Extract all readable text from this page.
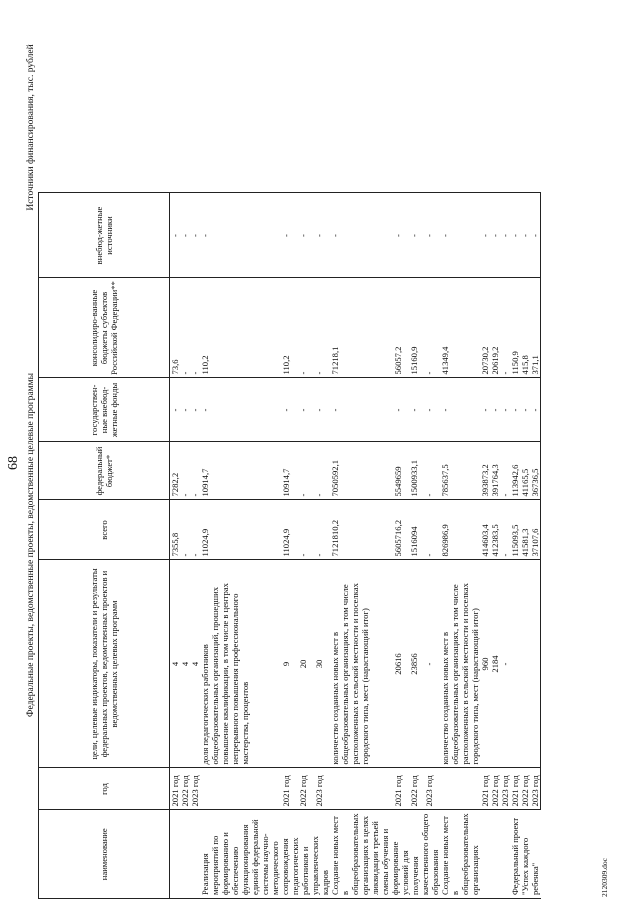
68 Федеральные проекты, ведомственные проекты, ведомственные целевые программы
Источники финансирования, тыс. рублей
наименование	год	цели, целевые индикаторы, показатели и результаты федеральных проектов, ведомственных проектов и ведомственных целевых программ	всего	федеральный бюджет*	государствен-ные внебюд-жетные фонды	консолидиро-ванные бюджеты субъектов Российской Федерации**	внебюд-жетные источники
	2021 год	4	7355,8	7282,2	-	73,6	-
	2022 год	4	-	-	-	-	-
	2023 год	4	-	-	-	-	-
Реализация мероприятий по формированию и обеспечению функционирования единой федеральной системы научно-методического сопровождения педагогических работников и управленческих кадров		доля педагогических работников общеобразовательных организаций, прошедших повышение квалификации, в том числе в центрах непрерывного повышения профессионального мастерства, процентов	11024,9	10914,7	-	110,2	-
	2021 год	9	11024,9	10914,7	-	110,2	-
	2022 год	20	-	-	-	-	-
	2023 год	30	-	-	-	-	-
Создание новых мест в общеобразовательных организациях в целях ликвидации третьей смены обучения и формирование условий для получения качественного общего образования		количество созданных новых мест в общеобразовательных организациях, в том числе расположенных в сельской местности и поселках городского типа, мест (нарастающий итог)	7121810,2	7050592,1	-	71218,1	-
	2021 год	20616	5605716,2	5549659	-	56057,2	-
	2022 год	23856	1516094	1500933,1	-	15160,9	-
	2023 год	-	-	-	-	-	-
Создание новых мест в общеобразовательных организациях		количество созданных новых мест в общеобразовательных организациях, в том числе расположенных в сельской местности и поселках городского типа, мест (нарастающий итог)	826986,9	785637,5	-	41349,4	-
	2021 год	960	414603,4	393873,2	-	20730,2	-
	2022 год	2184	412383,5	391764,3	-	20619,2	-
	2023 год	-	-	-	-	-	-
Федеральный проект "Успех каждого ребенка"	2021 год		115093,5	113942,6	-	1150,9	-
	2022 год		41581,3	41165,5	-	415,8	-
	2023 год		37107,6	36736,5	-	371,1	-
2120309.doc
